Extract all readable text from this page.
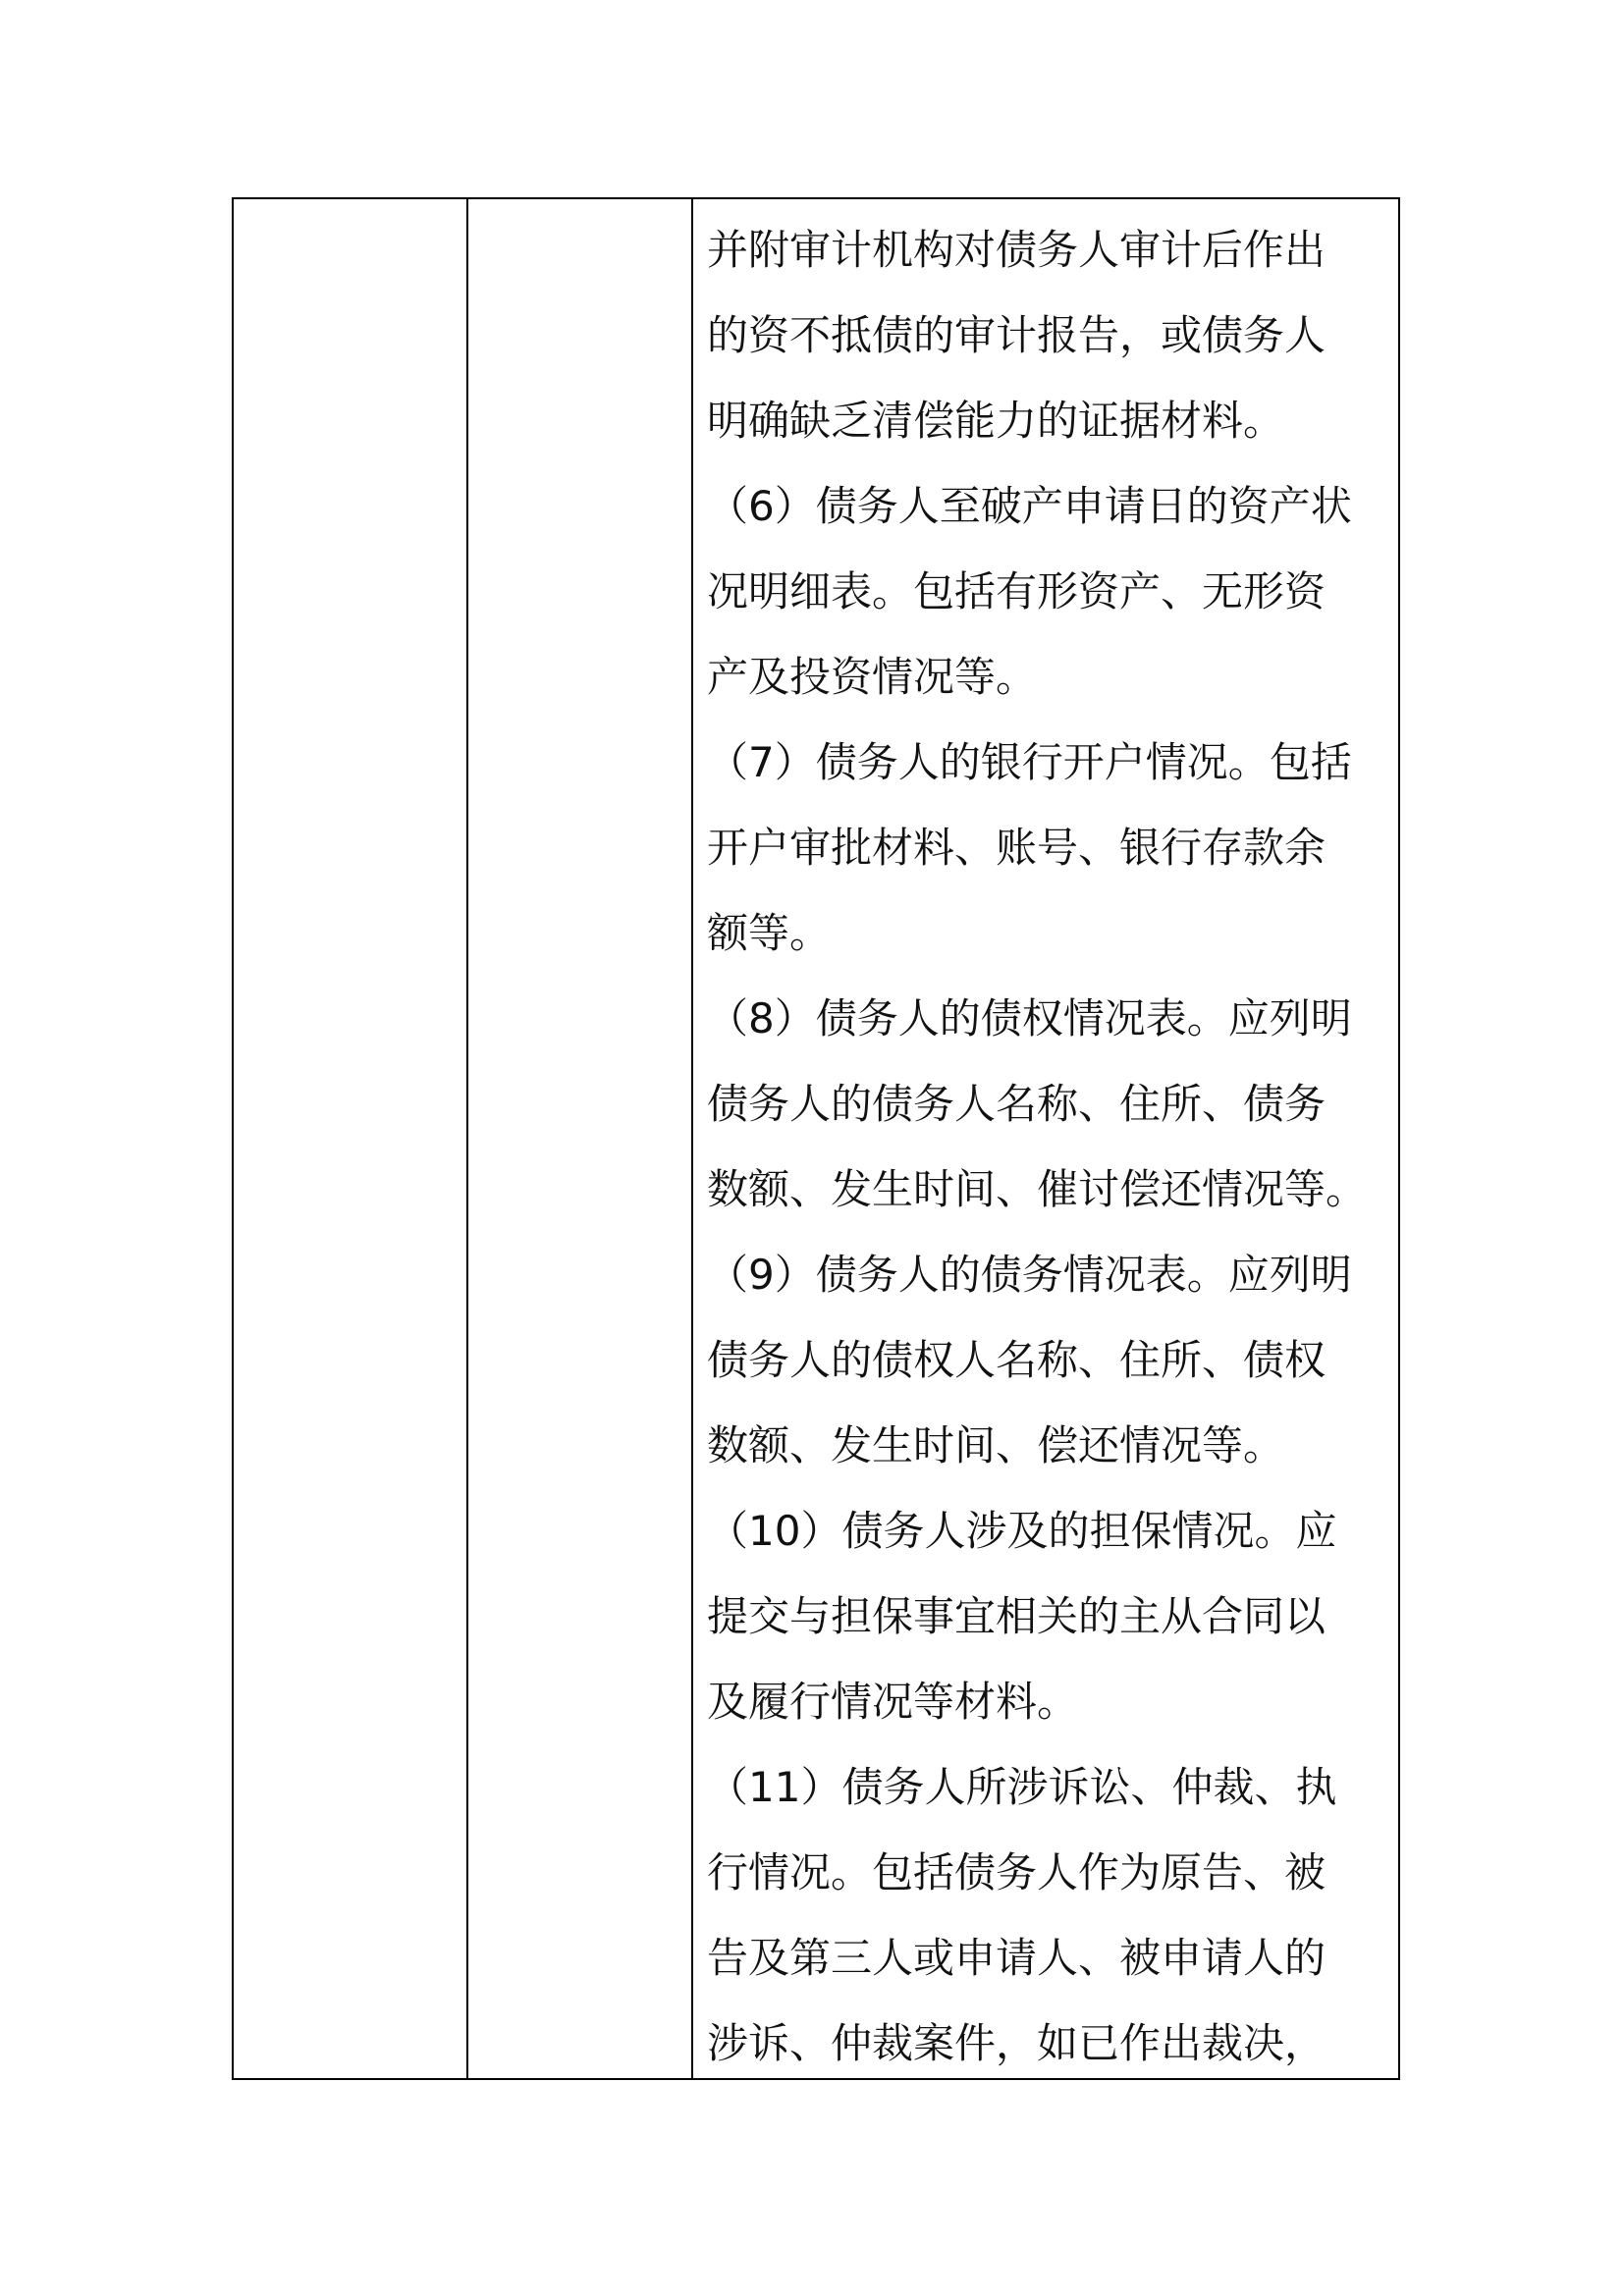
并附审计机构对债务人审计后作出
的资不抵债的审计报告，或债务人
明确缺乏清偿能力的证据材料。
（6）债务人至破产申请日的资产状
况明细表。包括有形资产、无形资
产及投资情况等。
（7）债务人的银行开户情况。包括
开户审批材料、账号、银行存款余
额等。
（8）债务人的债权情况表。应列明
债务人的债务人名称、住所、债务
数额、发生时间、催讨偿还情况等。
（9）债务人的债务情况表。应列明
债务人的债权人名称、住所、债权
数额、发生时间、偿还情况等。
（10）债务人涉及的担保情况。应
提交与担保事宜相关的主从合同以
及履行情况等材料。
（11）债务人所涉诉讼、仲裁、执
行情况。包括债务人作为原告、被
告及第三人或申请人、被申请人的
涉诉、仲裁案件，如已作出裁决，
